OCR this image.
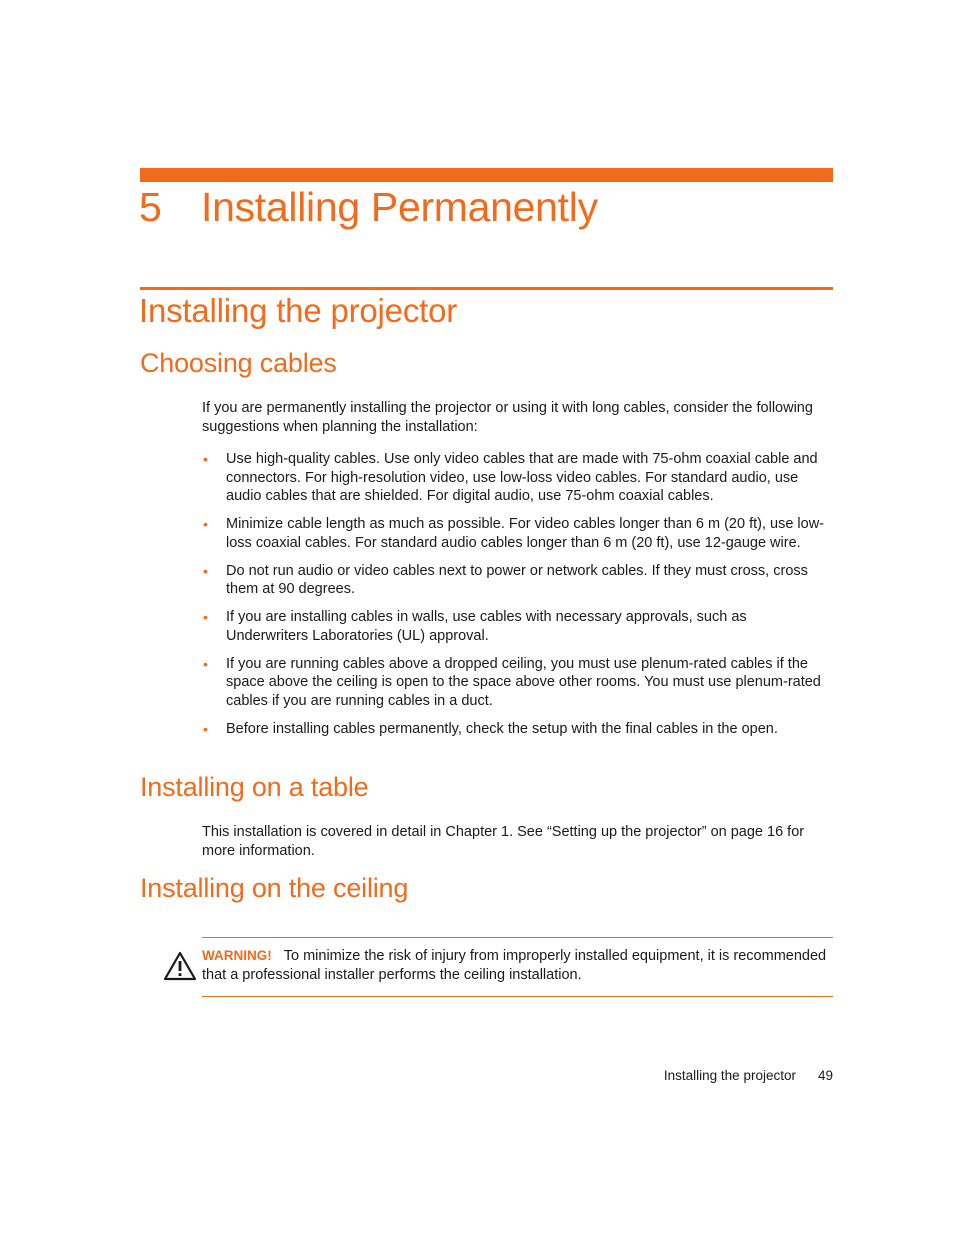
5 Installing Permanently
Installing the projector
Choosing cables

If you are permanently installing the projector or using it with long cables, consider the following suggestions when planning the installation:

• Use high-quality cables. Use only video cables that are made with 75-ohm coaxial cable and connectors. For high-resolution video, use low-loss video cables. For standard audio, use audio cables that are shielded. For digital audio, use 75-ohm coaxial cables.
• Minimize cable length as much as possible. For video cables longer than 6 m (20 ft), use low-loss coaxial cables. For standard audio cables longer than 6 m (20 ft), use 12-gauge wire.
• Do not run audio or video cables next to power or network cables. If they must cross, cross them at 90 degrees.
• If you are installing cables in walls, use cables with necessary approvals, such as Underwriters Laboratories (UL) approval.
• If you are running cables above a dropped ceiling, you must use plenum-rated cables if the space above the ceiling is open to the space above other rooms. You must use plenum-rated cables if you are running cables in a duct.
• Before installing cables permanently, check the setup with the final cables in the open.
Installing on a table

This installation is covered in detail in Chapter 1. See “Setting up the projector” on page 16 for more information.

Installing on the ceiling

WARNING! To minimize the risk of injury from improperly installed equipment, it is recommended that a professional installer performs the ceiling installation.

Installing the projector 49
